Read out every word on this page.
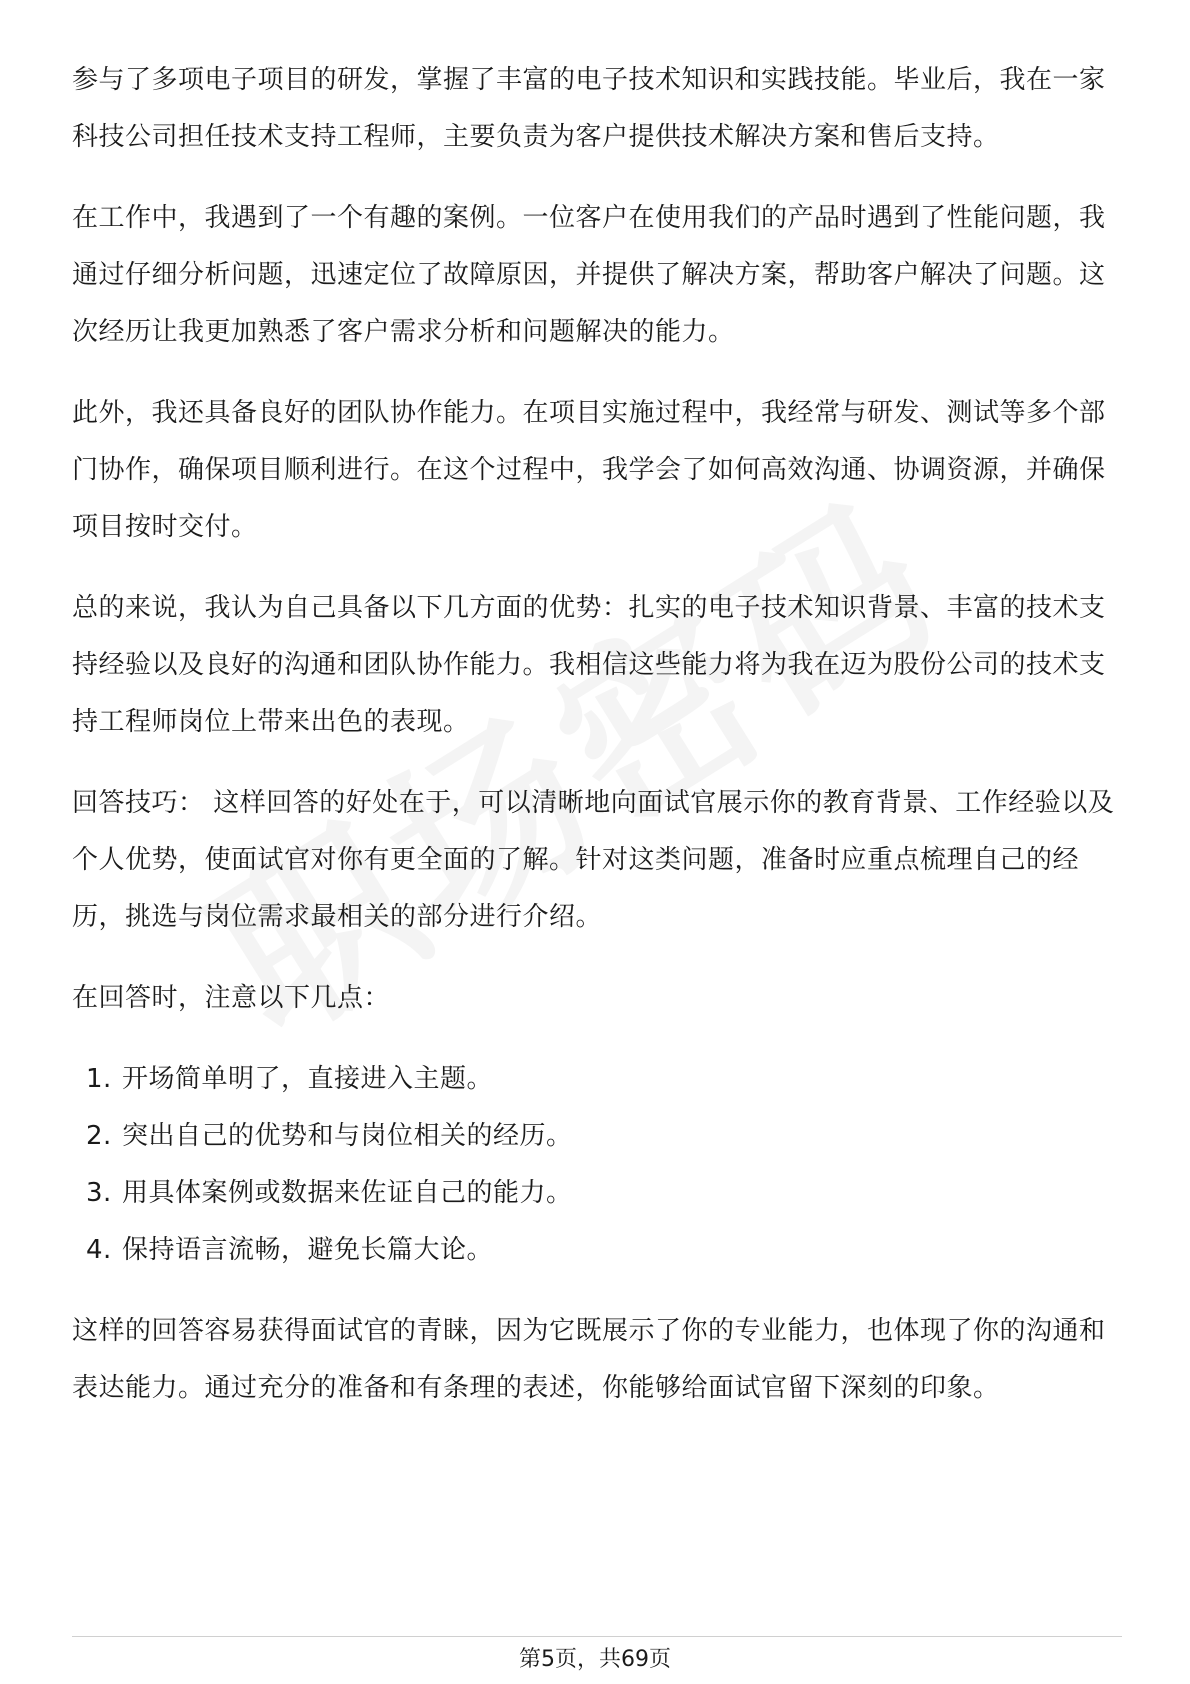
参与了多项电子项目的研发，掌握了丰富的电子技术知识和实践技能。毕业后，我在一家科技公司担任技术支持工程师，主要负责为客户提供技术解决方案和售后支持。

在工作中，我遇到了一个有趣的案例。一位客户在使用我们的产品时遇到了性能问题，我通过仔细分析问题，迅速定位了故障原因，并提供了解决方案，帮助客户解决了问题。这次经历让我更加熟悉了客户需求分析和问题解决的能力。

此外，我还具备良好的团队协作能力。在项目实施过程中，我经常与研发、测试等多个部门协作，确保项目顺利进行。在这个过程中，我学会了如何高效沟通、协调资源，并确保项目按时交付。

总的来说，我认为自己具备以下几方面的优势：扎实的电子技术知识背景、丰富的技术支持经验以及良好的沟通和团队协作能力。我相信这些能力将为我在迈为股份公司的技术支持工程师岗位上带来出色的表现。

回答技巧： 这样回答的好处在于，可以清晰地向面试官展示你的教育背景、工作经验以及个人优势，使面试官对你有更全面的了解。针对这类问题，准备时应重点梳理自己的经历，挑选与岗位需求最相关的部分进行介绍。

在回答时，注意以下几点：

1. 开场简单明了，直接进入主题。
2. 突出自己的优势和与岗位相关的经历。
3. 用具体案例或数据来佐证自己的能力。
4. 保持语言流畅，避免长篇大论。

这样的回答容易获得面试官的青睐，因为它既展示了你的专业能力，也体现了你的沟通和表达能力。通过充分的准备和有条理的表述，你能够给面试官留下深刻的印象。

第5页，共69页
